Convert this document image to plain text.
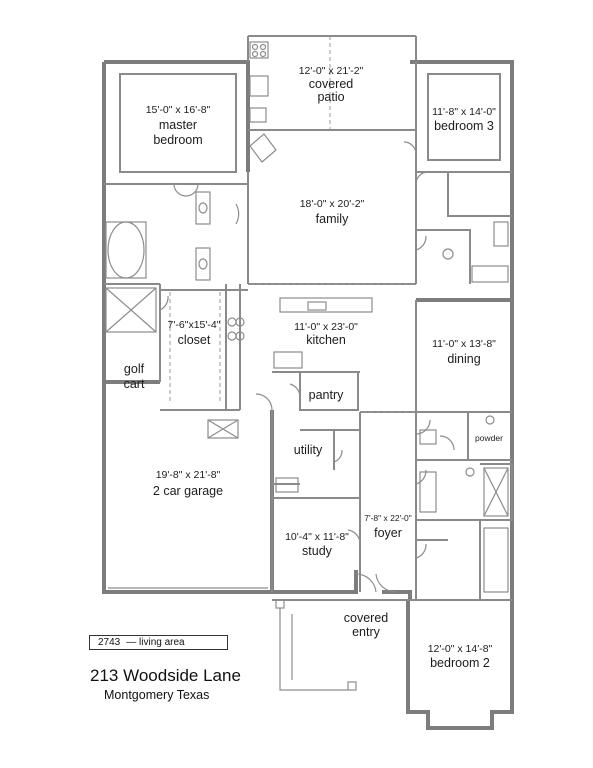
12'-0" x 21'-2"
covered
patio
15'-0" x 16'-8"
master
bedroom
11'-8" x 14'-0"
bedroom 3
18'-0" x 20'-2"
family
7'-6"x15'-4"
closet
11'-0" x 23'-0"
kitchen	11'-0" x 13'-8"
dining
golf
cart
pantry
utility
powder
19'-8" x 21'-8"
2 car garage
7'-8" x 22'-0"
foyer
10'-4" x 11'-8"
study
covered
entry
12'-0" x 14'-8"
bedroom 2
2743 — living area
213 Woodside Lane
Montgomery Texas
